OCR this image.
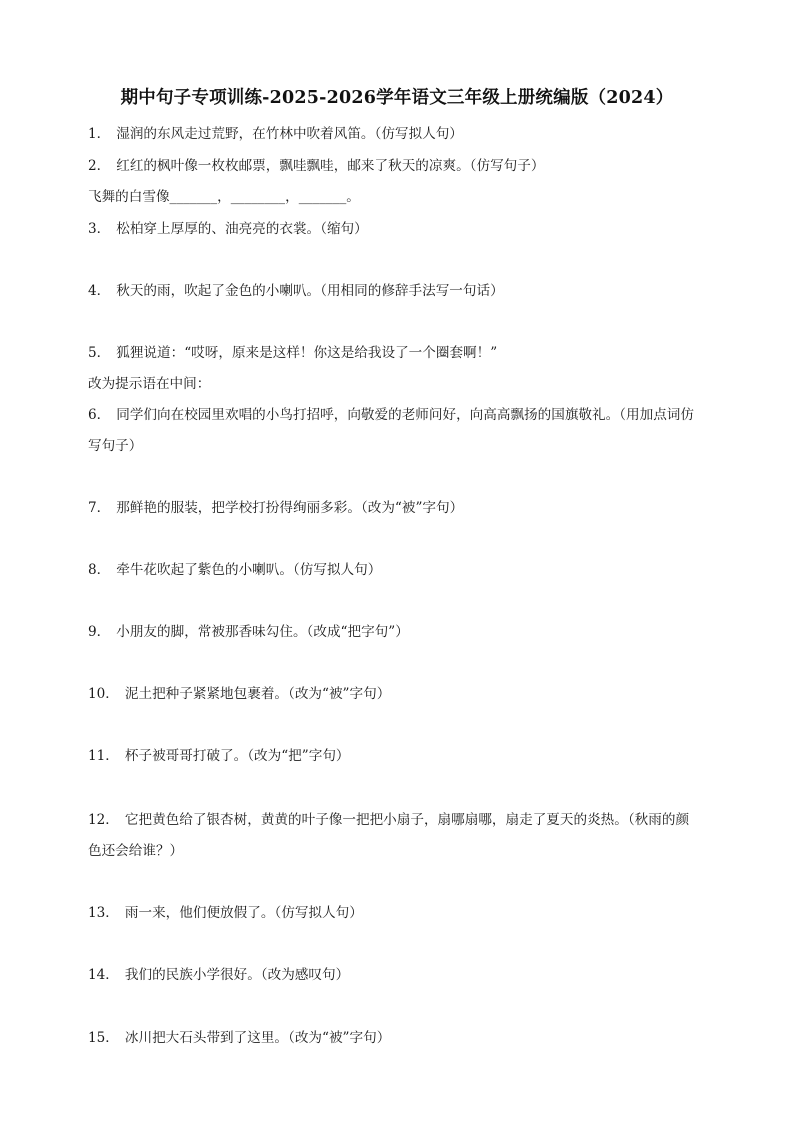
期中句子专项训练-2025-2026学年语文三年级上册统编版（2024）
1． 湿润的东风走过荒野，在竹林中吹着风笛。（仿写拟人句）
2． 红红的枫叶像一枚枚邮票，飘哇飘哇，邮来了秋天的凉爽。（仿写句子）
飞舞的白雪像_______，________，_______。
3． 松柏穿上厚厚的、油亮亮的衣裳。（缩句）
4． 秋天的雨，吹起了金色的小喇叭。（用相同的修辞手法写一句话）
5． 狐狸说道：“哎呀，原来是这样！你这是给我设了一个圈套啊！”
改为提示语在中间：
6． 同学们向在校园里欢唱的小鸟打招呼，向敬爱的老师问好，向高高飘扬的国旗敬礼。（用加点词仿
写句子）
7． 那鲜艳的服装，把学校打扮得绚丽多彩。（改为“被”字句）
8． 牵牛花吹起了紫色的小喇叭。（仿写拟人句）
9． 小朋友的脚，常被那香味勾住。（改成“把字句”）
10． 泥土把种子紧紧地包裹着。（改为“被”字句）
11． 杯子被哥哥打破了。（改为“把”字句）
12． 它把黄色给了银杏树，黄黄的叶子像一把把小扇子，扇哪扇哪，扇走了夏天的炎热。（秋雨的颜
色还会给谁？）
13． 雨一来，他们便放假了。（仿写拟人句）
14． 我们的民族小学很好。（改为感叹句）
15． 冰川把大石头带到了这里。（改为“被”字句）
